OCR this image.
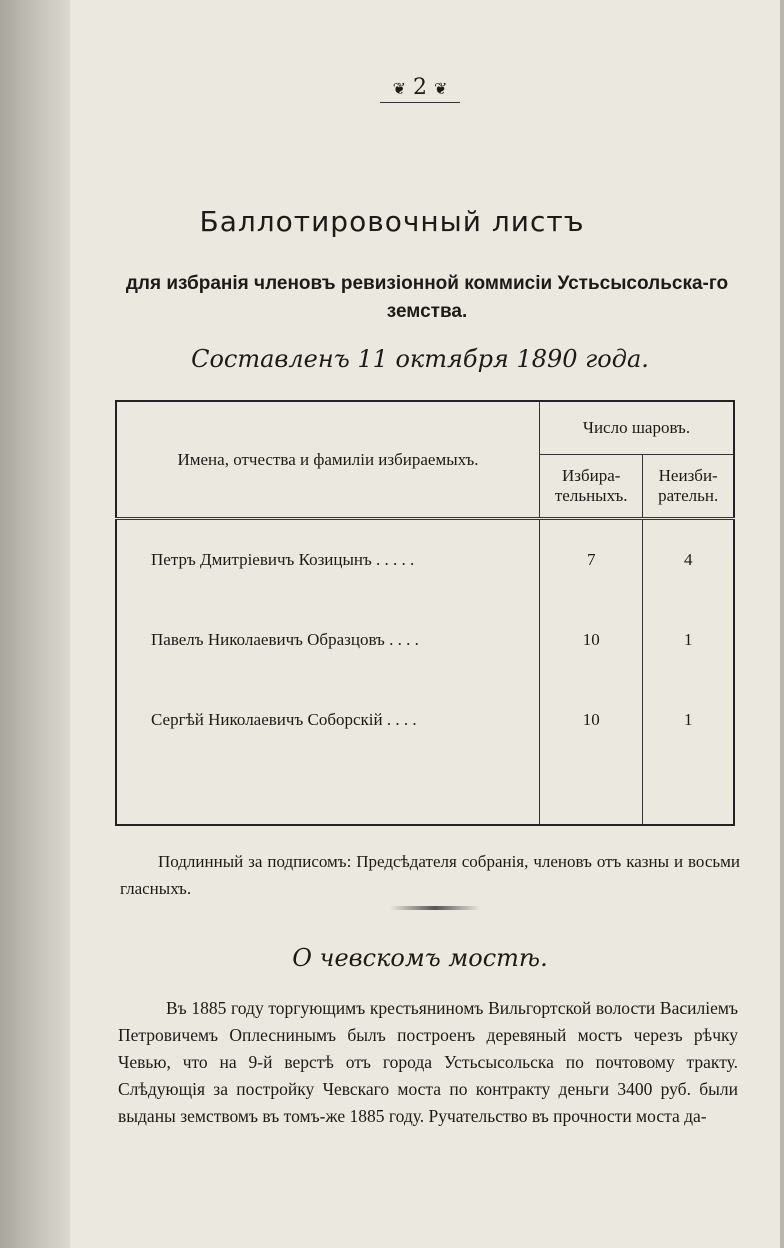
❦ 2 ❦
Баллотировочный листъ
для избранія членовъ ревизіонной коммисіи Устьсысольска-го земства.
Составленъ 11 октября 1890 года.
Имена, отчества и фамиліи избираемыхъ.	Число шаровъ.	
	Избира-тельныхъ.	Неизби-рательн.
Петръ Дмитріевичъ Козицынъ . . . . .	7	4
Павелъ Николаевичъ Образцовъ . . . .	10	1
Сергѣй Николаевичъ Соборскій . . . .	10	1

Подлинный за подписомъ: Предсѣдателя собранія, членовъ отъ казны и восьми гласныхъ.
О чевскомъ мостѣ.
Въ 1885 году торгующимъ крестьяниномъ Вильгортской волости Василіемъ Петровичемъ Оплеснинымъ былъ построенъ деревяный мостъ черезъ рѣчку Чевью, что на 9-й верстѣ отъ города Устьсысольска по почтовому тракту. Слѣдующія за постройку Чевскаго моста по контракту деньги 3400 руб. были выданы земствомъ въ томъ-же 1885 году. Ручательство въ прочности моста да-
